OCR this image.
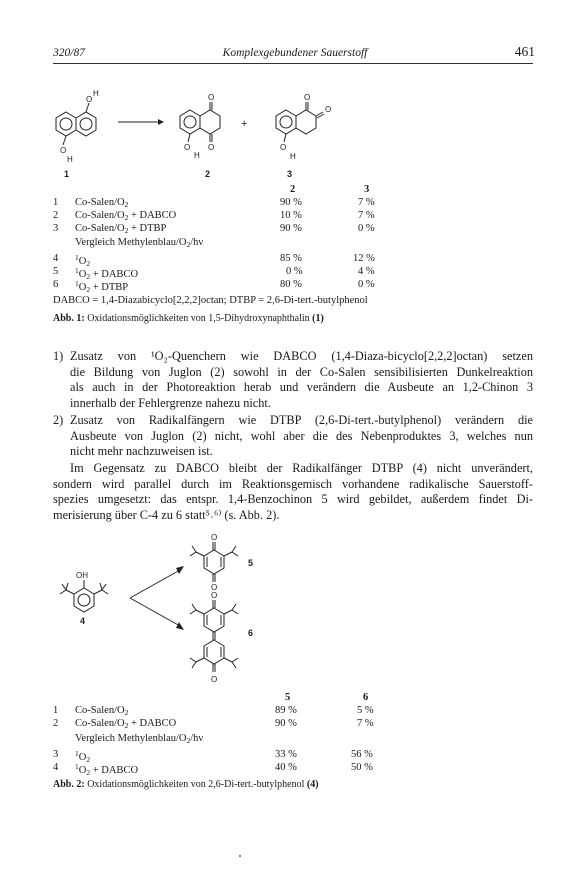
320/87	Komplexgebundener Sauerstoff	461
O
H
O
H
O
O
O
H
O
O
O
H
+
1	2	3
2	3
1 $Co-Salen/O_2$	90 %	7 %
2 $Co-Salen/O_2$ + DABCO	10 %	7 %
3 $Co-Salen/O_2$ + DTBP	90 %	0 %
Vergleich Methylenblau/$O_2/h\nu$
4 $^1O_2$	85 %	12 %
5 $^1O_2$ + DABCO	0 %	4 %
6 $^1O_2$ + DTBP	80 %	0 %
DABCO = 1,4-Diazabicyclo[2,2,2]octan; DTBP = 2,6-Di-tert.-butylphenol
Abb. 1: Oxidationsmöglichkeiten von 1,5-Dihydroxynaphthalin (1)
1) Zusatz von ¹O₂-Quenchern wie DABCO (1,4-Diaza-bicyclo[2,2,2]octan) setzen
die Bildung von Juglon (2) sowohl in der Co-Salen sensibilisierten Dunkelreaktion
als auch in der Photoreaktion herab und verändern die Ausbeute an 1,2-Chinon 3
innerhalb der Fehlergrenze nahezu nicht.
2) Zusatz von Radikalfängern wie DTBP (2,6-Di-tert.-butylphenol) verändern die
Ausbeute von Juglon (2) nicht, wohl aber die des Nebenproduktes 3, welches nun
nicht mehr nachzuweisen ist.
Im Gegensatz zu DABCO bleibt der Radikalfänger DTBP (4) nicht unverändert,
sondern wird parallel durch im Reaktionsgemisch vorhandene radikalische Sauerstoff-
spezies umgesetzt: das entspr. 1,4-Benzochinon 5 wird gebildet, außerdem findet Di-
merisierung über C-4 zu 6 statt⁵˒⁶⁾ (s. Abb. 2).
OH
O
O
O
O
4
5
6
5	6
1 $Co-Salen/O_2$	89 %	5 %
2 $Co-Salen/O_2$ + DABCO	90 %	7 %
Vergleich Methylenblau/$O_2/h\nu$
3 $^1O_2$	33 %	56 %
4 $^1O_2$ + DABCO	40 %	50 %
Abb. 2: Oxidationsmöglichkeiten von 2,6-Di-tert.-butylphenol (4)
